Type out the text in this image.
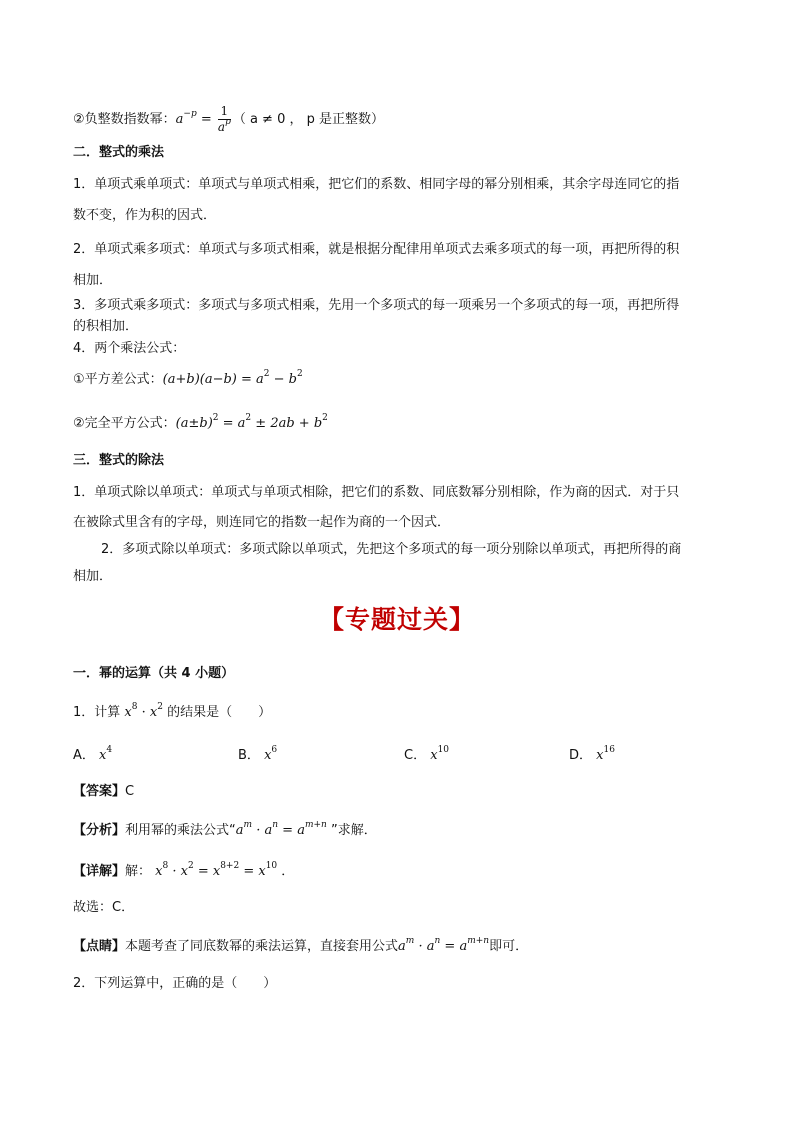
②负整数指数幂：$a^{-p} = \frac{1}{a^p}$ （ a ≠ 0 ， p 是正整数）
二．整式的乘法
1．单项式乘单项式：单项式与单项式相乘，把它们的系数、相同字母的幂分别相乘，其余字母连同它的指
数不变，作为积的因式．
2．单项式乘多项式：单项式与多项式相乘，就是根据分配律用单项式去乘多项式的每一项，再把所得的积
相加．
3．多项式乘多项式：多项式与多项式相乘，先用一个多项式的每一项乘另一个多项式的每一项，再把所得
的积相加．
4．两个乘法公式：
①平方差公式：$(a+b)(a-b) = a^2 - b^2$
②完全平方公式：$(a\pm b)^2 = a^2 \pm 2ab + b^2$
三．整式的除法
1．单项式除以单项式：单项式与单项式相除，把它们的系数、同底数幂分别相除，作为商的因式．对于只
在被除式里含有的字母，则连同它的指数一起作为商的一个因式．
2．多项式除以单项式：多项式除以单项式，先把这个多项式的每一项分别除以单项式，再把所得的商
相加．
【专题过关】
一．幂的运算（共 4 小题）
1．计算 $x^8 \cdot x^2$ 的结果是（　　）
A． $x^4$	B． $x^6$	C． $x^{10}$	D． $x^{16}$
【答案】C
【分析】利用幂的乘法公式“$a^m \cdot a^n = a^{m+n}$ ”求解．
【详解】解： $x^8 \cdot x^2 = x^{8+2} = x^{10}$ ．
故选：C．
【点睛】本题考查了同底数幂的乘法运算，直接套用公式$a^m \cdot a^n = a^{m+n}$即可．
2．下列运算中，正确的是（　　）
